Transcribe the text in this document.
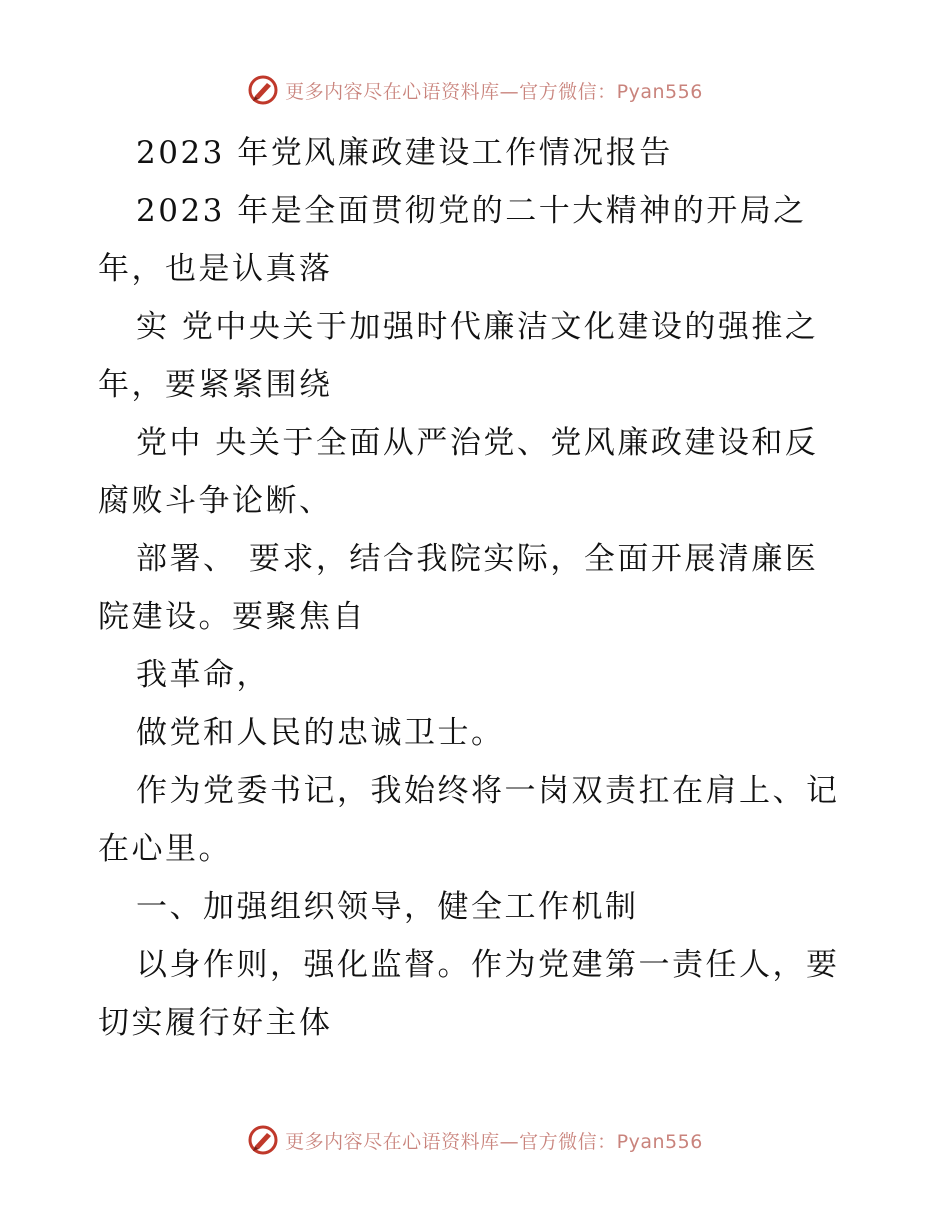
更多内容尽在心语资料库—官方微信：Pyan556
2023 年党风廉政建设工作情况报告
2023 年是全面贯彻党的二十大精神的开局之
年，也是认真落
实 党中央关于加强时代廉洁文化建设的强推之
年，要紧紧围绕
党中 央关于全面从严治党、党风廉政建设和反
腐败斗争论断、
部署、 要求，结合我院实际，全面开展清廉医
院建设。要聚焦自
我革命，
做党和人民的忠诚卫士。
作为党委书记，我始终将一岗双责扛在肩上、记
在心里。
一、加强组织领导，健全工作机制
以身作则，强化监督。作为党建第一责任人，要
切实履行好主体
更多内容尽在心语资料库—官方微信：Pyan556
